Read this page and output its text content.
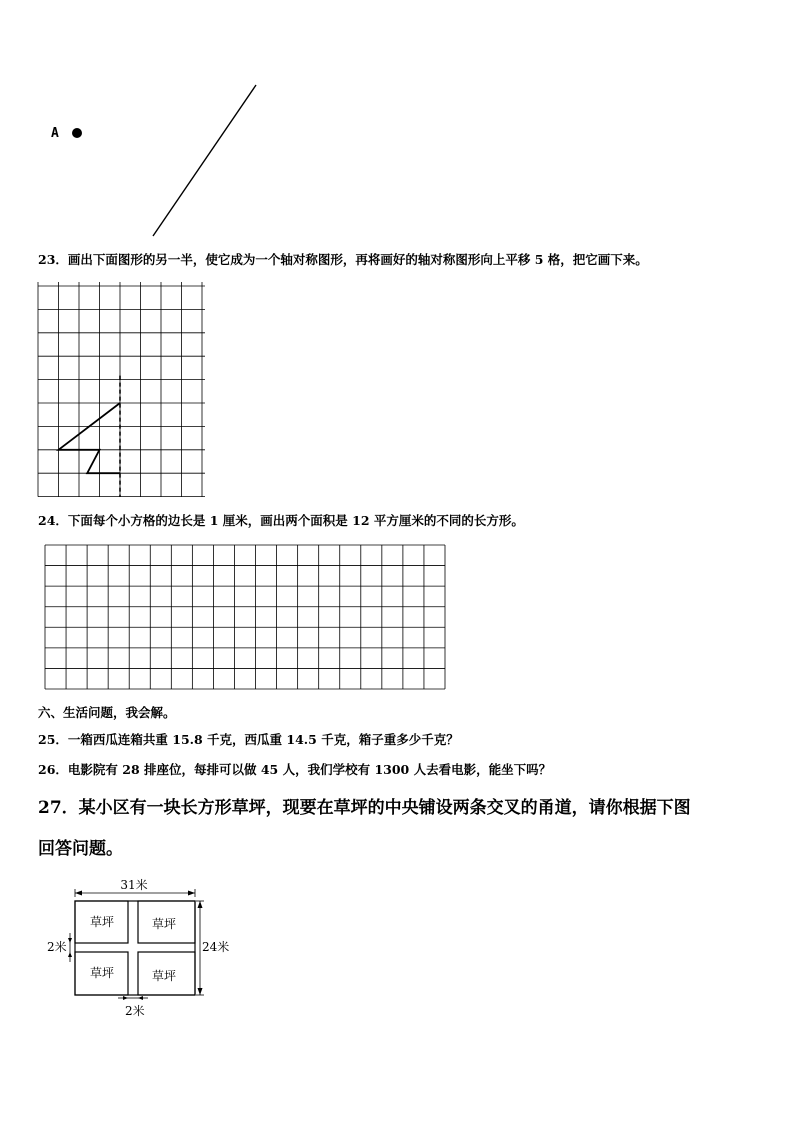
A
23．画出下面图形的另一半，使它成为一个轴对称图形，再将画好的轴对称图形向上平移 5 格，把它画下来。
24．下面每个小方格的边长是 1 厘米，画出两个面积是 12 平方厘米的不同的长方形。
六、生活问题，我会解。
25．一箱西瓜连箱共重 15.8 千克，西瓜重 14.5 千克，箱子重多少千克？
26．电影院有 28 排座位，每排可以做 45 人，我们学校有 1300 人去看电影，能坐下吗？
27．某小区有一块长方形草坪，现要在草坪的中央铺设两条交叉的甬道，请你根据下图
回答问题。
31米
24米
2米
2米
草坪	草坪
草坪	草坪
